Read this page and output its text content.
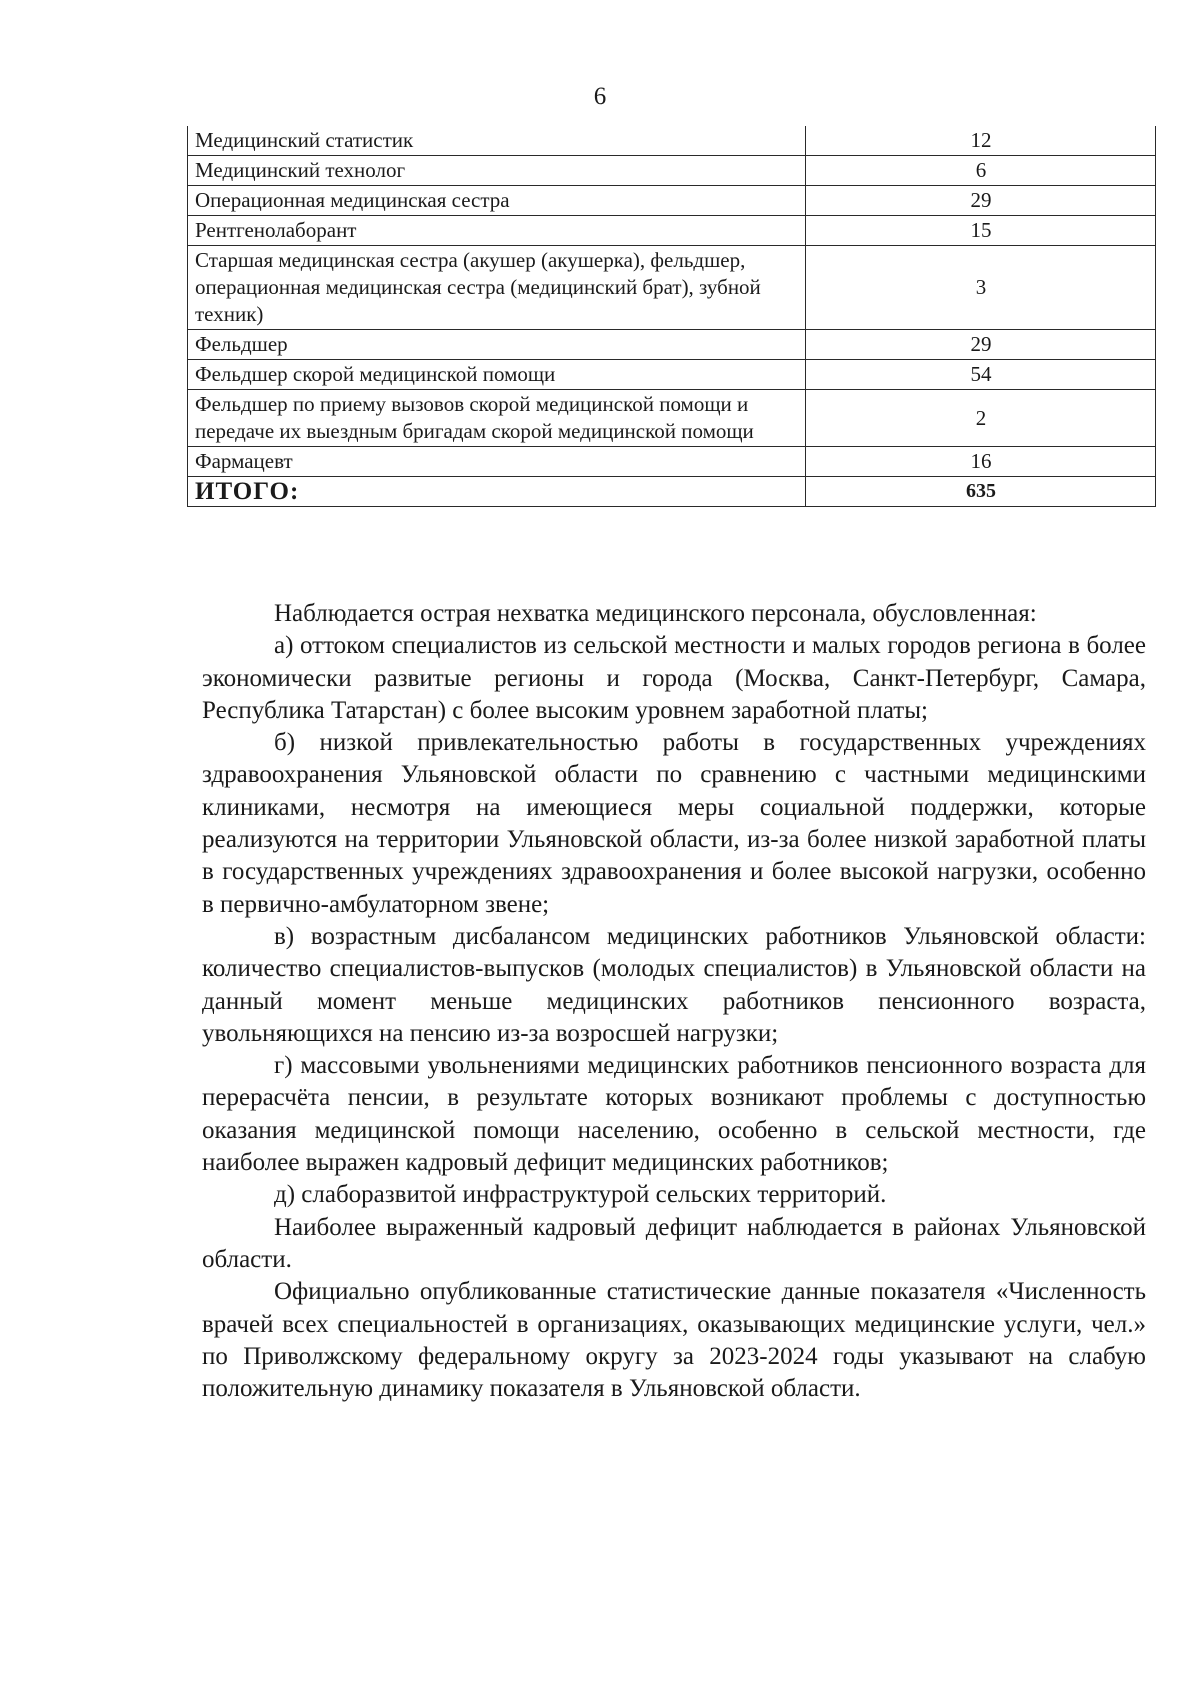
6
Медицинский статистик	12
Медицинский технолог	6
Операционная медицинская сестра	29
Рентгенолаборант	15
Старшая медицинская сестра (акушер (акушерка), фельдшер, операционная медицинская сестра (медицинский брат), зубной техник)	3
Фельдшер	29
Фельдшер скорой медицинской помощи	54
Фельдшер по приему вызовов скорой медицинской помощи и передаче их выездным бригадам скорой медицинской помощи	2
Фармацевт	16
ИТОГО:	635

Наблюдается острая нехватка медицинского персонала, обусловленная:

а) оттоком специалистов из сельской местности и малых городов региона в более экономически развитые регионы и города (Москва, Санкт-Петербург, Самара, Республика Татарстан) с более высоким уровнем заработной платы;

б) низкой привлекательностью работы в государственных учреждениях здравоохранения Ульяновской области по сравнению с частными медицинскими клиниками, несмотря на имеющиеся меры социальной поддержки, которые реализуются на территории Ульяновской области, из-за более низкой заработной платы в государственных учреждениях здравоохранения и более высокой нагрузки, особенно в первично-амбулаторном звене;

в) возрастным дисбалансом медицинских работников Ульяновской области: количество специалистов-выпусков (молодых специалистов) в Ульяновской области на данный момент меньше медицинских работников пенсионного возраста, увольняющихся на пенсию из-за возросшей нагрузки;

г) массовыми увольнениями медицинских работников пенсионного возраста для перерасчёта пенсии, в результате которых возникают проблемы с доступностью оказания медицинской помощи населению, особенно в сельской местности, где наиболее выражен кадровый дефицит медицинских работников;

д) слаборазвитой инфраструктурой сельских территорий.

Наиболее выраженный кадровый дефицит наблюдается в районах Ульяновской области.

Официально опубликованные статистические данные показателя «Численность врачей всех специальностей в организациях, оказывающих медицинские услуги, чел.» по Приволжскому федеральному округу за 2023-2024 годы указывают на слабую положительную динамику показателя в Ульяновской области.
